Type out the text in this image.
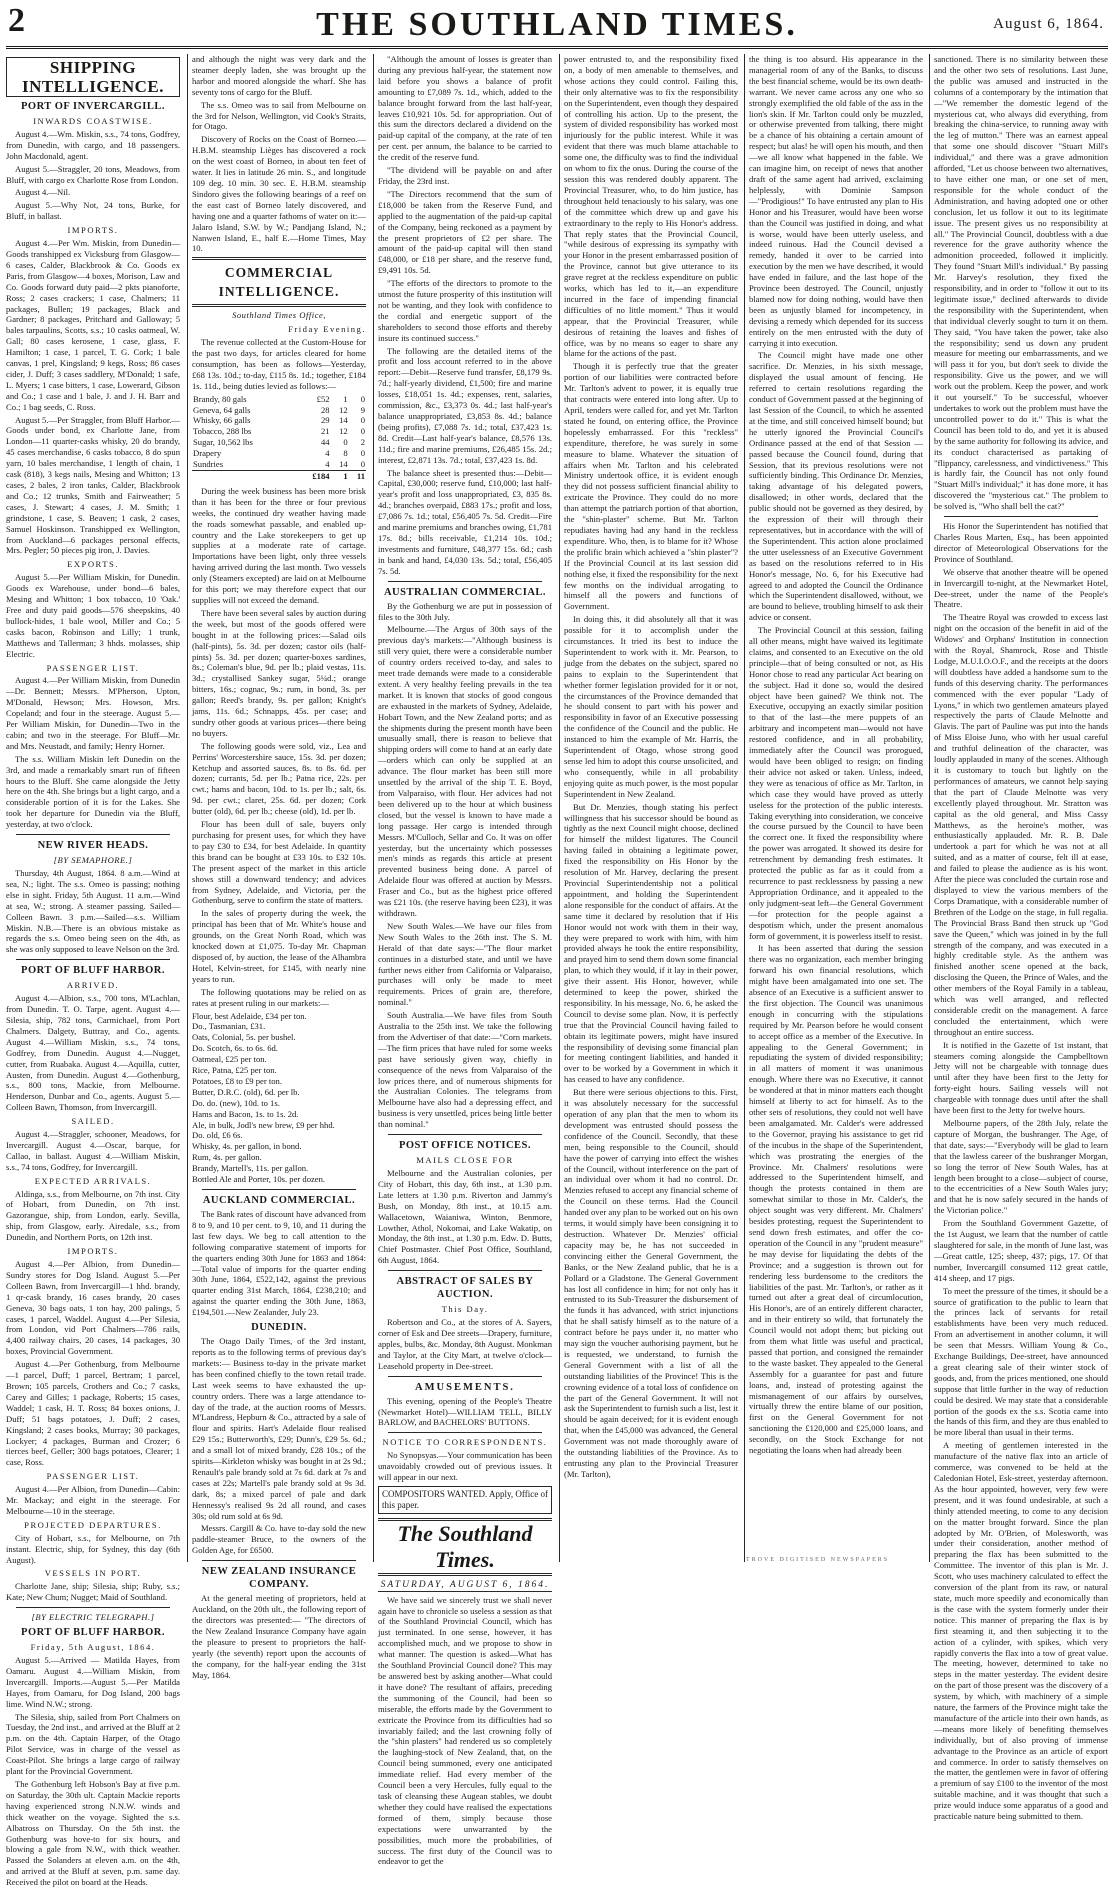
2	THE SOUTHLAND TIMES.	August 6, 1864.
SHIPPING INTELLIGENCE.
PORT OF INVERCARGILL.
INWARDS COASTWISE.

August 4.—Wm. Miskin, s.s., 74 tons, Godfrey, from Dunedin, with cargo, and 18 passengers. John Macdonald, agent.

August 5.—Straggler, 20 tons, Meadows, from Bluff, with cargo ex Charlotte Rose from London.

August 4.—Nil.

August 5.—Why Not, 24 tons, Burke, for Bluff, in ballast.

IMPORTS.

August 4.—Per Wm. Miskin, from Dunedin—Goods transhipped ex Vicksburg from Glasgow—6 cases, Calder, Blackbrook & Co. Goods ex Paris, from Glasgow—4 boxes, Morison, Law and Co. Goods forward duty paid—2 pkts pianoforte, Ross; 2 cases crackers; 1 case, Chalmers; 11 packages, Bullen; 19 packages, Black and Gardner; 8 packages, Pritchard and Galloway; 5 bales tarpaulins, Scotts, s.s.; 10 casks oatmeal, W. Gall; 80 cases kerosene, 1 case, glass, F. Hamilton; 1 case, 1 parcel, T. G. Cork; 1 bale canvas, 1 prel, Kingsland; 9 kegs, Ross; 86 cases cider, J. Duff; 3 cases saddlery, M'Donald; 1 safe, L. Myers; 1 case bitters, 1 case, Lowerard, Gibson and Co.; 1 case and 1 bale, J. and J. H. Barr and Co.; 1 bag seeds, C. Ross.

August 5.—Per Straggler, from Bluff Harbor.—Goods under bond, ex Charlotte Jane, from London—11 quarter-casks whisky, 20 do brandy, 45 cases merchandise, 6 casks tobacco, 8 do spun yarn, 10 bales merchandise, 1 length of chain, 1 cask (818), 3 kegs nails, Mesing and Whitton; 13 cases, 2 bales, 2 iron tanks, Calder, Blackbrook and Co.; 12 trunks, Smith and Fairweather; 5 cases, J. Stewart; 4 cases, J. M. Smith; 1 grindstone, 1 case, S. Beaven; 1 cask, 2 cases, Samuel Hoskinson. Transhipped ex Wellington, from Auckland—6 packages personal effects, Mrs. Pegler; 50 pieces pig iron, J. Davies.

EXPORTS.

August 5.—Per William Miskin, for Dunedin. Goods ex Warehouse, under bond—6 bales, Mesing and Whitton; 1 box tobacco, 10 'Oak.' Free and duty paid goods—576 sheepskins, 40 bullock-hides, 1 bale wool, Miller and Co.; 5 casks bacon, Robinson and Lilly; 1 trunk, Matthews and Tallerman; 3 hhds. molasses, ship Electric.

PASSENGER LIST.

August 4.—Per William Miskin, from Dunedin—Dr. Bennett; Messrs. M'Pherson, Upton, M'Donald, Hewson; Mrs. Howson, Mrs. Copeland; and four in the steerage. August 5.—Per William Miskin, for Dunedin—Two in the cabin; and two in the steerage. For Bluff—Mr. and Mrs. Neustadt, and family; Henry Horner.

The s.s. William Miskin left Dunedin on the 3rd, and made a remarkably smart run of fifteen hours to the Bluff. She came alongside the Jetty here on the 4th. She brings but a light cargo, and a considerable portion of it is for the Lakes. She took her departure for Dunedin via the Bluff, yesterday, at two o'clock.

NEW RIVER HEADS.
[BY SEMAPHORE.]

Thursday, 4th August, 1864. 8 a.m.—Wind at sea, N.; light. The s.s. Omeo is passing; nothing else in sight. Friday, 5th August. 11 a.m.—Wind at sea, W.; strong. A steamer passing. Sailed—Colleen Bawn. 3 p.m.—Sailed—s.s. William Miskin. N.B.—There is an obvious mistake as regards the s.s. Omeo being seen on the 4th, as she was only supposed to leave Nelson on the 3rd.

PORT OF BLUFF HARBOR.
ARRIVED.

August 4.—Albion, s.s., 700 tons, M'Lachlan, from Dunedin. T. O. Tarpe, agent. August 4.—Silesia, ship, 782 tons, Carmichael, from Port Chalmers. Dalgety, Buttray, and Co., agents. August 4.—William Miskin, s.s., 74 tons, Godfrey, from Dunedin. August 4.—Nugget, cutter, from Ruabaka. August 4.—Aquilla, cutter, Austen, from Dunedin. August 4.—Gothenburg, s.s., 800 tons, Mackie, from Melbourne. Henderson, Dunbar and Co., agents. August 5.—Colleen Bawn, Thomson, from Invercargill.

SAILED.

August 4.—Straggler, schooner, Meadows, for Invercargill. August 4.—Oscar, barque, for Callao, in ballast. August 4.—William Miskin, s.s., 74 tons, Godfrey, for Invercargill.

EXPECTED ARRIVALS.

Aldinga, s.s., from Melbourne, on 7th inst. City of Hobart, from Dunedin, on 7th inst. Gazorangue, ship, from London, early. Sevilla, ship, from Glasgow, early. Airedale, s.s., from Dunedin, and Northern Ports, on 12th inst.

IMPORTS.

August 4.—Per Albion, from Dunedin—Sundry stores for Dog Island. August 5.—Per Colleen Bawn, from Invercargill—1 hhd. brandy, 1 qr-cask brandy, 16 cases brandy, 20 cases Geneva, 30 bags oats, 1 ton hay, 200 palings, 5 cases, 1 parcel, Waddel. August 4.—Per Silesia, from London, vid Port Chalmers—786 rails, 4,400 railway chairs, 20 cases, 14 packages, 30 boxes, Provincial Government.

August 4.—Per Gothenburg, from Melbourne—1 parcel, Duff; 1 parcel, Bertram; 1 parcel, Brown; 105 parcels, Crothers and Co.; 7 casks, Carey and Gilles; 1 package, Roberts; 15 cases, Waddel; 1 cask, H. T. Ross; 84 boxes onions, J. Duff; 51 bags potatoes, J. Duff; 2 cases, Kingsland; 2 cases books, Murray; 30 packages, Lockyer; 4 packages, Burman and Crozer; 6 tierces beef, Geller; 300 bags potatoes, Clearer; 1 case, Ross.

PASSENGER LIST.

August 4.—Per Albion, from Dunedin—Cabin: Mr. Mackay; and eight in the steerage. For Melbourne—10 in the steerage.

PROJECTED DEPARTURES.

City of Hobart, s.s., for Melbourne, on 7th instant. Electric, ship, for Sydney, this day (6th August).

VESSELS IN PORT.

Charlotte Jane, ship; Silesia, ship; Ruby, s.s.; Kate; New Chum; Nugget; Maid of Southland.

[BY ELECTRIC TELEGRAPH.]
PORT OF BLUFF HARBOR.
Friday, 5th August, 1864.

August 5.—Arrived — Matilda Hayes, from Oamaru. August 4.—William Miskin, from Invercargill. Imports.—August 5.—Per Matilda Hayes, from Oamaru, for Dog Island, 200 bags lime. Wind N.W.; strong.

The Silesia, ship, sailed from Port Chalmers on Tuesday, the 2nd inst., and arrived at the Bluff at 2 p.m. on the 4th. Captain Harper, of the Otago Pilot Service, was in charge of the vessel as Coast-Pilot. She brings a large cargo of railway plant for the Provincial Government.

The Gothenburg left Hobson's Bay at five p.m. on Saturday, the 30th ult. Captain Mackie reports having experienced strong N.N.W. winds and thick weather on the voyage. Sighted the s.s. Albatross on Thursday. On the 5th inst. the Gothenburg was hove-to for six hours, and blowing a gale from N.W., with thick weather. Passed the Solanders at eleven a.m. on the 4th, and arrived at the Bluff at seven, p.m. same day. Received the pilot on board at the Heads.

and although the night was very dark and the steamer deeply laden, she was brought up the harbor and moored alongside the wharf. She has seventy tons of cargo for the Bluff.

The s.s. Omeo was to sail from Melbourne on the 3rd for Nelson, Wellington, vid Cook's Straits, for Otago.

Discovery of Rocks on the Coast of Borneo.—H.B.M. steamship Lièges has discovered a rock on the west coast of Borneo, in about ten feet of water. It lies in latitude 26 min. S., and longitude 109 deg. 10 min. 30 sec. E. H.B.M. steamship Sindoro gives the following bearings of a reef on the east cast of Borneo lately discovered, and having one and a quarter fathoms of water on it:—Jalaro Island, S.W. by W.; Pandjang Island, N.; Nanwen Island, E., half E.—Home Times, May 10.

COMMERCIAL INTELLIGENCE.
Southland Times Office,
Friday Evening.

The revenue collected at the Custom-House for the past two days, for articles cleared for home consumption, has been as follows—Yesterday, £68 13s. 10d.; to-day, £115 8s. 1d.; together, £184 1s. 11d., being duties levied as follows:—

Brandy, 80 gals	£52	1	0
Geneva, 64 galls	28	12	9
Whisky, 66 galls	29	14	0
Tobacco, 288 lbs	21	12	0
Sugar, 10,562 lbs	44	0	2
Drapery	4	8	0
Sundries	4	14	0
	£184	1	11

During the week business has been more brisk than it has been for the three or four previous weeks, the continued dry weather having made the roads somewhat passable, and enabled up-country and the Lake storekeepers to get up supplies at a moderate rate of cartage. Importations have been light, only three vessels having arrived during the last month. Two vessels only (Steamers excepted) are laid on at Melbourne for this port; we may therefore expect that our supplies will not exceed the demand.

There have been several sales by auction during the week, but most of the goods offered were bought in at the following prices:—Salad oils (half-pints), 5s. 3d. per dozen; castor oils (half-pints) 5s. 3d. per dozen; quarter-boxes sardines, 8s.; Coleman's blue, 9d. per lb.; plaid vestas, 11s. 3d.; crystallised Sankey sugar, 5¼d.; orange bitters, 16s.; cognac, 9s.; rum, in bond, 3s. per gallon; Reed's brandy, 9s. per gallon; Knight's jams, 11s. 6d.; Schnapps, 45s. per case; and sundry other goods at various prices—there being no buyers.

The following goods were sold, viz., Lea and Perrins' Worcestershire sauce, 15s. 3d. per dozen; Ketchup and assorted sauces, 8s. to 8s. 6d. per dozen; currants, 5d. per lb.; Patna rice, 22s. per cwt.; hams and bacon, 10d. to 1s. per lb.; salt, 6s. 9d. per cwt.; claret, 25s. 6d. per dozen; Cork butter (old), 6d. per lb.; cheese (old), 1d. per lb.

Flour has been dull of sale, buyers only purchasing for present uses, for which they have to pay £30 to £34, for best Adelaide. In quantity this brand can be bought at £33 10s. to £32 10s. The present aspect of the market in this article shows still a downward tendency; and advices from Sydney, Adelaide, and Victoria, per the Gothenburg, serve to confirm the state of matters.

In the sales of property during the week, the principal has been that of Mr. White's house and grounds, on the Great North Road, which was knocked down at £1,075. To-day Mr. Chapman disposed of, by auction, the lease of the Alhambra Hotel, Kelvin-street, for £145, with nearly nine years to run.

The following quotations may be relied on as rates at present ruling in our markets:—

Flour, best Adelaide, £34 per ton.

Do., Tasmanian, £31.

Oats, Colonial, 5s. per bushel.

Do. Scotch, 6s. to 6s. 6d.

Oatmeal, £25 per ton.

Rice, Patna, £25 per ton.

Potatoes, £8 to £9 per ton.

Butter, D.R.C. (old), 6d. per lb.

Do. do. (new), 10d. to 1s.

Hams and Bacon, 1s. to 1s. 2d.

Ale, in bulk, Jodl's new brew, £9 per hhd.

Do. old, £6 6s.

Whisky, 4s. per gallon, in bond.

Rum, 4s. per gallon.

Brandy, Martell's, 11s. per gallon.

Bottled Ale and Porter, 10s. per dozen.

AUCKLAND COMMERCIAL.

The Bank rates of discount have advanced from 8 to 9, and 10 per cent. to 9, 10, and 11 during the last few days. We beg to call attention to the following comparative statement of imports for the quarters ending 30th June for 1863 and 1864:—Total value of imports for the quarter ending 30th June, 1864, £522,142, against the previous quarter ending 31st March, 1864, £238,210; and against the quarter ending the 30th June, 1863, £194,501.—New Zealander, July 23.

DUNEDIN.

The Otago Daily Times, of the 3rd instant, reports as to the following terms of previous day's markets:— Business to-day in the private market has been confined chiefly to the town retail trade. Last week seems to have exhausted the up-country orders. There was a large attendance to-day of the trade, at the auction rooms of Messrs. M'Landress, Hepburn & Co., attracted by a sale of flour and spirits. Hart's Adelaide flour realised £29 15s.; Butterworth's, £29; Dunn's, £29 5s. 6d.; and a small lot of mixed brandy, £28 10s.; of the spirits—Kirkleton whisky was bought in at 2s 9d.; Renault's pale brandy sold at 7s 6d. dark at 7s and cases at 22s; Martell's pale brandy sold at 9s 3d. dark, 8s; a mixed parcel of pale and dark Hennessy's realised 9s 2d all round, and cases 30s; old rum sold at 6s 9d.

Messrs. Cargill & Co. have to-day sold the new paddle-steamer Bruce, to the owners of the Golden Age, for £6500.

NEW ZEALAND INSURANCE COMPANY.

At the general meeting of proprietors, held at Auckland, on the 20th ult., the following report of the directors was presented:— "The directors of the New Zealand Insurance Company have again the pleasure to present to proprietors the half-yearly (the seventh) report upon the accounts of the company, for the half-year ending the 31st May, 1864.

"Although the amount of losses is greater than during any previous half-year, the statement now laid before you shows a balance of profit amounting to £7,089 7s. 1d., which, added to the balance brought forward from the last half-year, leaves £10,921 10s. 5d. for appropriation. Out of this sum the directors declared a dividend on the paid-up capital of the company, at the rate of ten per cent. per annum, the balance to be carried to the credit of the reserve fund.

"The dividend will be payable on and after Friday, the 23rd inst.

"The Directors recommend that the sum of £18,000 be taken from the Reserve Fund, and applied to the augmentation of the paid-up capital of the Company, being reckoned as a payment by the present proprietors of £2 per share. The amount of the paid-up capital will then stand £48,000, or £18 per share, and the reserve fund, £9,491 10s. 5d.

"The efforts of the directors to promote to the utmost the future prosperity of this institution will not be wanting, and they look with confidence to the cordial and energetic support of the shareholders to second those efforts and thereby insure its continued success."

The following are the detailed items of the profit and loss account referred to in the above report:—Debit—Reserve fund transfer, £8,179 9s. 7d.; half-yearly dividend, £1,500; fire and marine losses, £18,051 1s. 4d.; expenses, rent, salaries, commission, &c., £3,373 0s. 4d.; last half-year's balance unappropriated, £3,853 8s. 4d.; balance (being profits), £7,088 7s. 1d.; total, £37,423 1s. 8d. Credit—Last half-year's balance, £8,576 13s. 11d.; fire and marine premiums, £26,485 15s. 2d.; interest, £2,871 13s. 7d.; total, £37,423 1s. 8d.

The balance sheet is presented thus:—Debit—Capital, £30,000; reserve fund, £10,000; last half-year's profit and loss unappropriated, £3, 835 8s. 4d.; branches overpaid, £883 17s.; profit and loss, £7,086 7s. 1d.; total, £56,405 7s. 5d. Credit—Fire and marine premiums and branches owing, £1,781 17s. 8d.; bills receivable, £1,214 10s. 10d.; investments and furniture, £48,377 15s. 6d.; cash in bank and hand, £4,030 13s. 5d.; total, £56,405 7s. 5d.

AUSTRALIAN COMMERCIAL.

By the Gothenburg we are put in possession of files to the 30th July.

Melbourne.—The Argus of 30th says of the previous day's markets:—"Although business is still very quiet, there were a considerable number of country orders received to-day, and sales to meet trade demands were made to a considerable extent. A very healthy feeling prevails in the tea market. It is known that stocks of good congous are exhausted in the markets of Sydney, Adelaide, Hobart Town, and the New Zealand ports; and as the shipments during the present month have been unusually small, there is reason to believe that shipping orders will come to hand at an early date—orders which can only be supplied at an advance. The flour market has been still more unsettled by the arrival of the ship T. E. Boyd, from Valparaiso, with flour. Her advices had not been delivered up to the hour at which business closed, but the vessel is known to have made a long passage. Her cargo is intended through Messrs. M'Culloch, Sellar and Co. It was on offer yesterday, but the uncertainty which possesses men's minds as regards this article at present prevented business being done. A parcel of Adelaide flour was offered at auction by Messrs. Fraser and Co., but as the highest price offered was £21 10s. (the reserve having been £23), it was withdrawn.

New South Wales.—We have our files from New South Wales to the 26th inst. The S. M. Herald of that date says:—"The flour market continues in a disturbed state, and until we have further news either from California or Valparaiso, purchases will only be made to meet requirements. Prices of grain are, therefore, nominal."

South Australia.—We have files from South Australia to the 25th inst. We take the following from the Advertiser of that date:—"Corn markets.—The firm prices that have ruled for some weeks past have seriously given way, chiefly in consequence of the news from Valparaiso of the low prices there, and of numerous shipments for the Australian Colonies. The telegrams from Melbourne have also had a depressing effect, and business is very unsettled, prices being little better than nominal."

POST OFFICE NOTICES.
MAILS CLOSE FOR

Melbourne and the Australian colonies, per City of Hobart, this day, 6th inst., at 1.30 p.m. Late letters at 1.30 p.m. Riverton and Jammy's Bush, on Monday, 8th inst., at 10.15 a.m. Wallacetown, Waianiwa, Winton, Benmore, Lowther, Athol, Nokomai, and Lake Wakatip, on Monday, the 8th inst., at 1.30 p.m. Edw. D. Butts, Chief Postmaster. Chief Post Office, Southland, 6th August, 1864.

ABSTRACT OF SALES BY AUCTION.
This Day.

Robertson and Co., at the stores of A. Sayers, corner of Esk and Dee streets—Drapery, furniture, apples, bulbs, &c. Monday, 8th August. Monkman and Taylor, at the City Mart, at twelve o'clock—Leasehold property in Dee-street.

AMUSEMENTS.

This evening, opening of the People's Theatre (Newmarket Hotel)—WILLIAM TELL, BILLY BARLOW, and BACHELORS' BUTTONS.

NOTICE TO CORRESPONDENTS.

No Synopsyas.—Your communication has been unavoidably crowded out of previous issues. It will appear in our next.

COMPOSITORS WANTED. Apply, Office of this paper.
The Southland Times.
SATURDAY, AUGUST 6, 1864.

We have said we sincerely trust we shall never again have to chronicle so useless a session as that of the Southland Provincial Council, which has just terminated. In one sense, however, it has accomplished much, and we propose to show in what manner. The question is asked—What has the Southland Provincial Council done? This may be answered best by asking another—What could it have done? The resultant of affairs, preceding the summoning of the Council, had been so miserable, the efforts made by the Government to extricate the Province from its difficulties had so invariably failed; and the last crowning folly of the "shin plasters" had rendered us so completely the laughing-stock of New Zealand, that, on the Council being summoned, every one anticipated immediate relief. Had every member of the Council been a very Hercules, fully equal to the task of cleansing these Augean stables, we doubt whether they could have realised the expectations formed of them, simply because those expectations were unwarranted by the possibilities, much more the probabilities, of success. The first duty of the Council was to endeavor to get the

power entrusted to, and the responsibility fixed on, a body of men amenable to themselves, and whose actions they could control. Failing this, their only alternative was to fix the responsibility on the Superintendent, even though they despaired of controlling his action. Up to the present, the system of divided responsibility has worked most injuriously for the public interest. While it was evident that there was much blame attachable to some one, the difficulty was to find the individual on whom to fix the onus. During the course of the session this was rendered doubly apparent. The Provincial Treasurer, who, to do him justice, has throughout held tenaciously to his salary, was one of the committee which drew up and gave his extraordinary to the reply to His Honor's address. That reply states that the Provincial Council, "while desirous of expressing its sympathy with your Honor in the present embarrassed position of the Province, cannot but give utterance to its grave regret at the reckless expenditure on public works, which has led to it,—an expenditure incurred in the face of impending financial difficulties of no little moment." Thus it would appear, that the Provincial Treasurer, while desirous of retaining the loaves and fishes of office, was by no means so eager to share any blame for the actions of the past.

Though it is perfectly true that the greater portion of our liabilities were contracted before Mr. Tarlton's advent to power, it is equally true that contracts were entered into long after. Up to April, tenders were called for, and yet Mr. Tarlton stated he found, on entering office, the Province hopelessly embarrassed. For this "reckless" expenditure, therefore, he was surely in some measure to blame. Whatever the situation of affairs when Mr. Tarlton and his celebrated Ministry undertook office, it is evident enough they did not possess sufficient financial ability to extricate the Province. They could do no more than attempt the patriarch portion of that abortion, the "shin-plaster" scheme. But Mr. Tarlton repudiates having had any hand in the reckless expenditure. Who, then, is to blame for it? Whose the prolific brain which achieved a "shin plaster"? If the Provincial Council at its last session did nothing else, it fixed the responsibility for the next few months on the individual arrogating to himself all the powers and functions of Government.

In doing this, it did absolutely all that it was possible for it to accomplish under the circumstances. It tried its best to induce the Superintendent to work with it. Mr. Pearson, to judge from the debates on the subject, spared no pains to explain to the Superintendent that whether former legislation provided for it or not, the circumstances of the Province demanded that he should consent to part with his power and responsibility in favor of an Executive possessing the confidence of the Council and the public. He instanced to him the example of Mr. Harris, the Superintendent of Otago, whose strong good sense led him to adopt this course unsolicited, and who consequently, while in all probability enjoying quite as much power, is the most popular Superintendent in New Zealand.

But Dr. Menzies, though stating his perfect willingness that his successor should be bound as tightly as the next Council might choose, declined for himself the mildest ligatures. The Council having failed in obtaining a legitimate power, fixed the responsibility on His Honor by the resolution of Mr. Harvey, declaring the present Provincial Superintendentship not a political appointment, and holding the Superintendent alone responsible for the conduct of affairs. At the same time it declared by resolution that if His Honor would not work with them in their way, they were prepared to work with him, with him provided always he took the entire responsibility, and prayed him to send them down some financial plan, to which they would, if it lay in their power, give their assent. His Honor, however, while determined to keep the power, shirked the responsibility. In his message, No. 6, he asked the Council to devise some plan. Now, it is perfectly true that the Provincial Council having failed to obtain its legitimate powers, might have insured the responsibility of devising some financial plan for meeting contingent liabilities, and handed it over to be worked by a Government in which it has ceased to have any confidence.

But there were serious objections to this. First, it was absolutely necessary for the successful operation of any plan that the men to whom its development was entrusted should possess the confidence of the Council. Secondly, that these men, being responsible to the Council, should have the power of carrying into effect the wishes of the Council, without interference on the part of an individual over whom it had no control. Dr. Menzies refused to accept any financial scheme of the Council on these terms. Had the Council handed over any plan to be worked out on his own terms, it would simply have been consigning it to destruction. Whatever Dr. Menzies' official capacity may be, he has not succeeded in convincing either the General Government, the Banks, or the New Zealand public, that he is a Pollard or a Gladstone. The General Government has lost all confidence in him; for not only has it entrusted to its Sub-Treasurer the disbursement of the funds it has advanced, with strict injunctions that he shall satisfy himself as to the nature of a contract before he pays under it, no matter who may sign the voucher authorising payment, but he is requested, we understand, to furnish the General Government with a list of all the outstanding liabilities of the Province! This is the crowning evidence of a total loss of confidence on the part of the General Government. It will not ask the Superintendent to furnish such a list, lest it should be again deceived; for it is evident enough that, when the £45,000 was advanced, the General Government was not made thoroughly aware of the outstanding liabilities of the Province. As to entrusting any plan to the Provincial Treasurer (Mr. Tarlton),

the thing is too absurd. His appearance in the managerial room of any of the Banks, to discuss the best financial scheme, would be its own death-warrant. We never came across any one who so strongly exemplified the old fable of the ass in the lion's skin. If Mr. Tarlton could only be muzzled, or otherwise prevented from talking, there might be a chance of his obtaining a certain amount of respect; but alas! he will open his mouth, and then—we all know what happened in the fable. We can imagine him, on receipt of news that another draft of the same agent had arrived, exclaiming helplessly, with Dominie Sampson—"Prodigious!" To have entrusted any plan to His Honor and his Treasurer, would have been worse than the Council was justified in doing, and what is worse, would have been utterly useless, and indeed ruinous. Had the Council devised a remedy, handed it over to be carried into execution by the men we have described, it would have ended in failure, and the last hope of the Province been destroyed. The Council, unjustly blamed now for doing nothing, would have then been as unjustly blamed for incompetency, in devising a remedy which depended for its success entirely on the men entrusted with the duty of carrying it into execution.

The Council might have made one other sacrifice. Dr. Menzies, in his sixth message, displayed the usual amount of fencing. He referred to certain resolutions regarding the conduct of Government passed at the beginning of last Session of the Council, to which he assented at the time, and still conceived himself bound; but he utterly ignored the Provincial Council's Ordinance passed at the end of that Session — passed because the Council found, during that Session, that its previous resolutions were not sufficiently binding. This Ordinance Dr. Menzies, taking advantage of his delegated powers, disallowed; in other words, declared that the public should not be governed as they desired, by the expression of their will through their representatives, but in accordance with the will of the Superintendent. This action alone proclaimed the utter uselessness of an Executive Government as based on the resolutions referred to in His Honor's message, No. 6, for his Executive had agreed to and adopted the Council the Ordinance which the Superintendent disallowed, without, we are bound to believe, troubling himself to ask their advice or consent.

The Provincial Council at this session, failing all other means, might have waived its legitimate claims, and consented to an Executive on the old principle—that of being consulted or not, as His Honor chose to read any particular Act bearing on the subject. Had it done so, would the desired object have been gained? We think not. The Executive, occupying an exactly similar position to that of the last—the mere puppets of an arbitrary and incompetent man—would not have restored confidence, and in all probability, immediately after the Council was prorogued, would have been obliged to resign; on finding their advice not asked or taken. Unless, indeed, they were as tenacious of office as Mr. Tarlton, in which case they would have proved as utterly useless for the protection of the public interests. Taking everything into consideration, we conceive the course pursued by the Council to have been the correct one. It fixed the responsibility where the power was arrogated. It showed its desire for retrenchment by demanding fresh estimates. It protected the public as far as it could from a recurrence to past recklessness by passing a new Appropriation Ordinance, and it appealed to the only judgment-seat left—the General Government—for protection for the people against a despotism which, under the present anomalous form of government, it is powerless itself to resist.

It has been asserted that during the session there was no organization, each member bringing forward his own financial resolutions, which might have been amalgamated into one set. The absence of an Executive is a sufficient answer to the first objection. The Council was unanimous enough in concurring with the stipulations required by Mr. Pearson before he would consent to accept office as a member of the Executive. In appealing to the General Government; in repudiating the system of divided responsibility; in all matters of moment it was unanimous enough. Where there was no Executive, it cannot be wondered at that in minor matters each thought himself at liberty to act for himself. As to the other sets of resolutions, they could not well have been amalgamated. Mr. Calder's were addressed to the Governor, praying his assistance to get rid of the incubus in the shape of the Superintendent, which was prostrating the energies of the Province. Mr. Chalmers' resolutions were addressed to the Superintendent himself, and though the protests contained in them are somewhat similar to those in Mr. Calder's, the object sought was very different. Mr. Chalmers' besides protesting, request the Superintendent to send down fresh estimates, and offer the co-operation of the Council in any "prudent measure" he may devise for liquidating the debts of the Province; and a suggestion is thrown out for rendering less burdensome to the creditors the liabilities of the past. Mr. Tarlton's, or rather as it turned out after a great deal of circumlocution, His Honor's, are of an entirely different character, and in their entirety so wild, that fortunately the Council would not adopt them; but picking out from them what little was useful and practical, passed that portion, and consigned the remainder to the waste basket. They appealed to the General Assembly for a guarantee for past and future loans, and, instead of protesting against the mismanagement of our affairs by ourselves, virtually threw the entire blame of our position, first on the General Government for not sanctioning the £120,000 and £25,000 loans, and secondly, on the Stock Exchange for not negotiating the loans when had already been

sanctioned. There is no similarity between these and the other two sets of resolutions. Last June, the public was amused and instructed in the columns of a contemporary by the intimation that—"We remember the domestic legend of the mysterious cat, who always did everything, from breaking the china-service, to running away with the leg of mutton." There was an earnest appeal that some one should discover "Stuart Mill's individual," and there was a grave admonition afforded, "Let us choose between two alternatives, to have either one man, or one set of men, responsible for the whole conduct of the Administration, and having adopted one or other conclusion, let us follow it out to its legitimate issue. The present gives us no responsibility at all." The Provincial Council, doubtless with a due reverence for the grave authority whence the admonition proceeded, followed it implicitly. They found "Stuart Mill's individual." By passing Mr. Harvey's resolution, they fixed the responsibility, and in order to "follow it out to its legitimate issue," declined afterwards to divide the responsibility with the Superintendent, when that individual cleverly sought to turn it on them. They said, "You have taken the power, take also the responsibility; send us down any prudent measure for meeting our embarrassments, and we will pass it for you, but don't seek to divide the responsibility. Give us the power, and we will work out the problem. Keep the power, and work it out yourself." To be successful, whoever undertakes to work out the problem must have the uncontrolled power to do it." This is what the Council has been told to do, and yet it is abused by the same authority for following its advice, and its conduct characterised as partaking of "flippancy, carelessness, and vindictiveness." This is hardly fair, the Council has not only found "Stuart Mill's individual;" it has done more, it has discovered the "mysterious cat." The problem to be solved is, "Who shall bell the cat?"

His Honor the Superintendent has notified that Charles Rous Marten, Esq., has been appointed director of Meteorological Observations for the Province of Southland.

We observe that another theatre will be opened in Invercargill to-night, at the Newmarket Hotel, Dee-street, under the name of the People's Theatre.

The Theatre Royal was crowded to excess last night on the occasion of the benefit in aid of the Widows' and Orphans' Institution in connection with the Royal, Shamrock, Rose and Thistle Lodge, M.U.I.O.O.F., and the receipts at the doors will doubtless have added a handsome sum to the funds of this deserving charity. The performances commenced with the ever popular "Lady of Lyons," in which two gentlemen amateurs played respectively the parts of Claude Melnotte and Glavis. The part of Pauline was put into the hands of Miss Eloise Juno, who with her usual careful and truthful delineation of the character, was loudly applauded in many of the scenes. Although it is customary to touch but lightly on the performances of amateurs, we cannot help saying that the part of Claude Melnotte was very excellently played throughout. Mr. Stratton was capital as the old general, and Miss Cassy Matthews, as the heroine's mother, was enthusiastically applauded. Mr. R. B. Dale undertook a part for which he was not at all suited, and as a matter of course, felt ill at ease, and failed to please the audience as is his wont. After the piece was concluded the curtain rose and displayed to view the various members of the Corps Dramatique, with a considerable number of Brethren of the Lodge on the stage, in full regalia. The Provincial Brass Band then struck up "God save the Queen," which was joined in by the full strength of the company, and was executed in a highly creditable style. As the anthem was finished another scene opened at the back, disclosing the Queen, the Prince of Wales, and the other members of the Royal Family in a tableau, which was well arranged, and reflected considerable credit on the management. A farce concluded the entertainment, which were throughout an entire success.

It is notified in the Gazette of 1st instant, that steamers coming alongside the Campbelltown Jetty will not be chargeable with tonnage dues until after they have been first to the Jetty for forty-eight hours. Sailing vessels will not chargeable with tonnage dues until after the shall have been first to the Jetty for twelve hours.

Melbourne papers, of the 28th July, relate the capture of Morgan, the bushranger. The Age, of that date, says:—"Everybody will be glad to learn that the lawless career of the bushranger Morgan, so long the terror of New South Wales, has at length been brought to a close—subject of course, to the eccentricities of a New South Wales jury; and that he is now safely secured in the hands of the Victorian police."

From the Southland Government Gazette, of the 1st August, we learn that the number of cattle slaughtered for sale, in the month of June last, was—Great cattle, 125; sheep, 437; pigs, 17. Of that number, Invercargill consumed 112 great cattle, 414 sheep, and 17 pigs.

To meet the pressure of the times, it should be a source of gratification to the public to learn that the princes lack of servants for retail establishments have been very much reduced. From an advertisement in another column, it will be seen that Messrs. William Young & Co., Exchange Buildings, Dee-street, have announced a great clearing sale of their winter stock of goods, and, from the prices mentioned, one should suppose that little further in the way of reduction could be desired. We may state that a considerable portion of the goods ex the s.s. Scotia came into the hands of this firm, and they are thus enabled to be more liberal than usual in their terms.

A meeting of gentlemen interested in the manufacture of the native flax into an article of commerce, was convened to be held at the Caledonian Hotel, Esk-street, yesterday afternoon. As the hour appointed, however, very few were present, and it was found undesirable, at such a thinly attended meeting, to come to any decision on the matter brought forward. Since the plan adopted by Mr. O'Brien, of Molesworth, was under their consideration, another method of preparing the flax has been submitted to the Committee. The inventor of this plan is Mr. J. Scott, who uses machinery calculated to effect the conversion of the plant from its raw, or natural state, much more speedily and economically than is the case with the system formerly under their notice. This manner of preparing the flax is by first steaming it, and then subjecting it to the action of a cylinder, with spikes, which very rapidly converts the flax into a tow of great value. The meeting, however, determined to take no steps in the matter yesterday. The evident desire on the part of those present was the discovery of a system, by which, with machinery of a simple nature, the farmers of the Province might take the manufacture of the article into their own hands, as—means more likely of benefiting themselves individually, but of also proving of immense advantage to the Province as an article of export and commerce. In order to satisfy themselves on the matter, the gentlemen were in favor of offering a premium of say £100 to the inventor of the most suitable machine, and it was thought that such a prize would induce some apparatus of a good and practicable nature being submitted to them.

TROVE DIGITISED NEWSPAPERS
